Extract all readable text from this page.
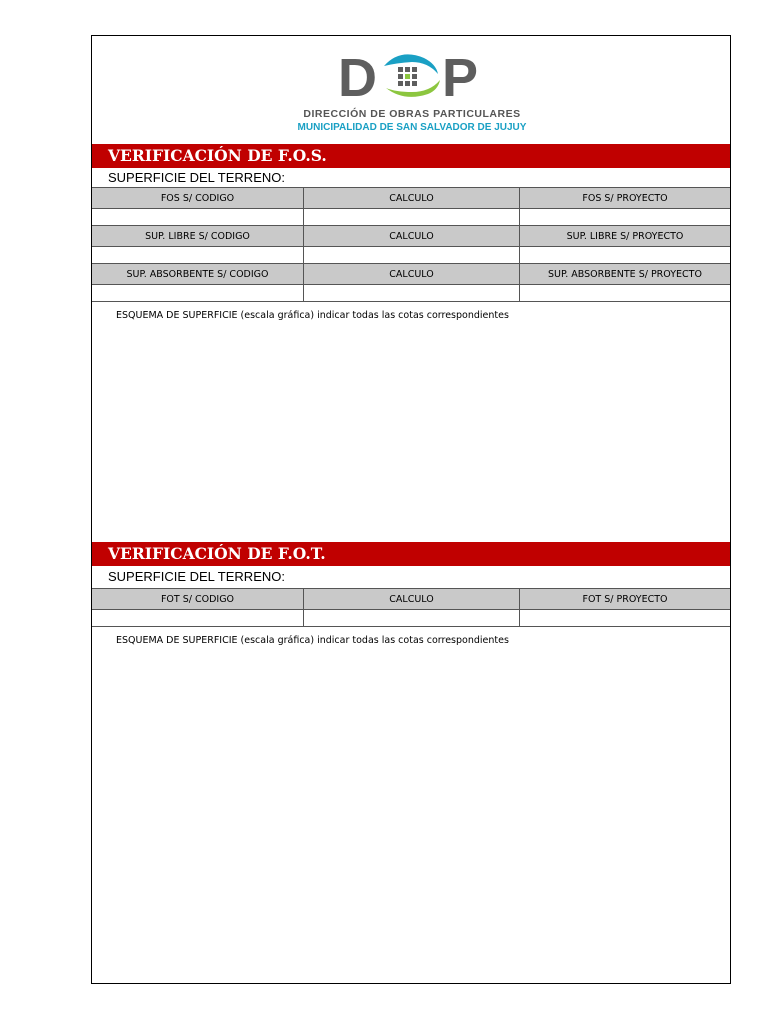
D P
DIRECCIÓN DE OBRAS PARTICULARES
MUNICIPALIDAD DE SAN SALVADOR DE JUJUY
VERIFICACIÓN DE F.O.S.
SUPERFICIE DEL TERRENO:
FOS S/ CODIGO	CALCULO	FOS S/ PROYECTO
SUP. LIBRE S/ CODIGO	CALCULO	SUP. LIBRE S/ PROYECTO
SUP. ABSORBENTE S/ CODIGO	CALCULO	SUP. ABSORBENTE S/ PROYECTO
ESQUEMA DE SUPERFICIE (escala gráfica) indicar todas las cotas correspondientes
VERIFICACIÓN DE F.O.T.
SUPERFICIE DEL TERRENO:
FOT S/ CODIGO	CALCULO	FOT S/ PROYECTO
ESQUEMA DE SUPERFICIE (escala gráfica) indicar todas las cotas correspondientes
